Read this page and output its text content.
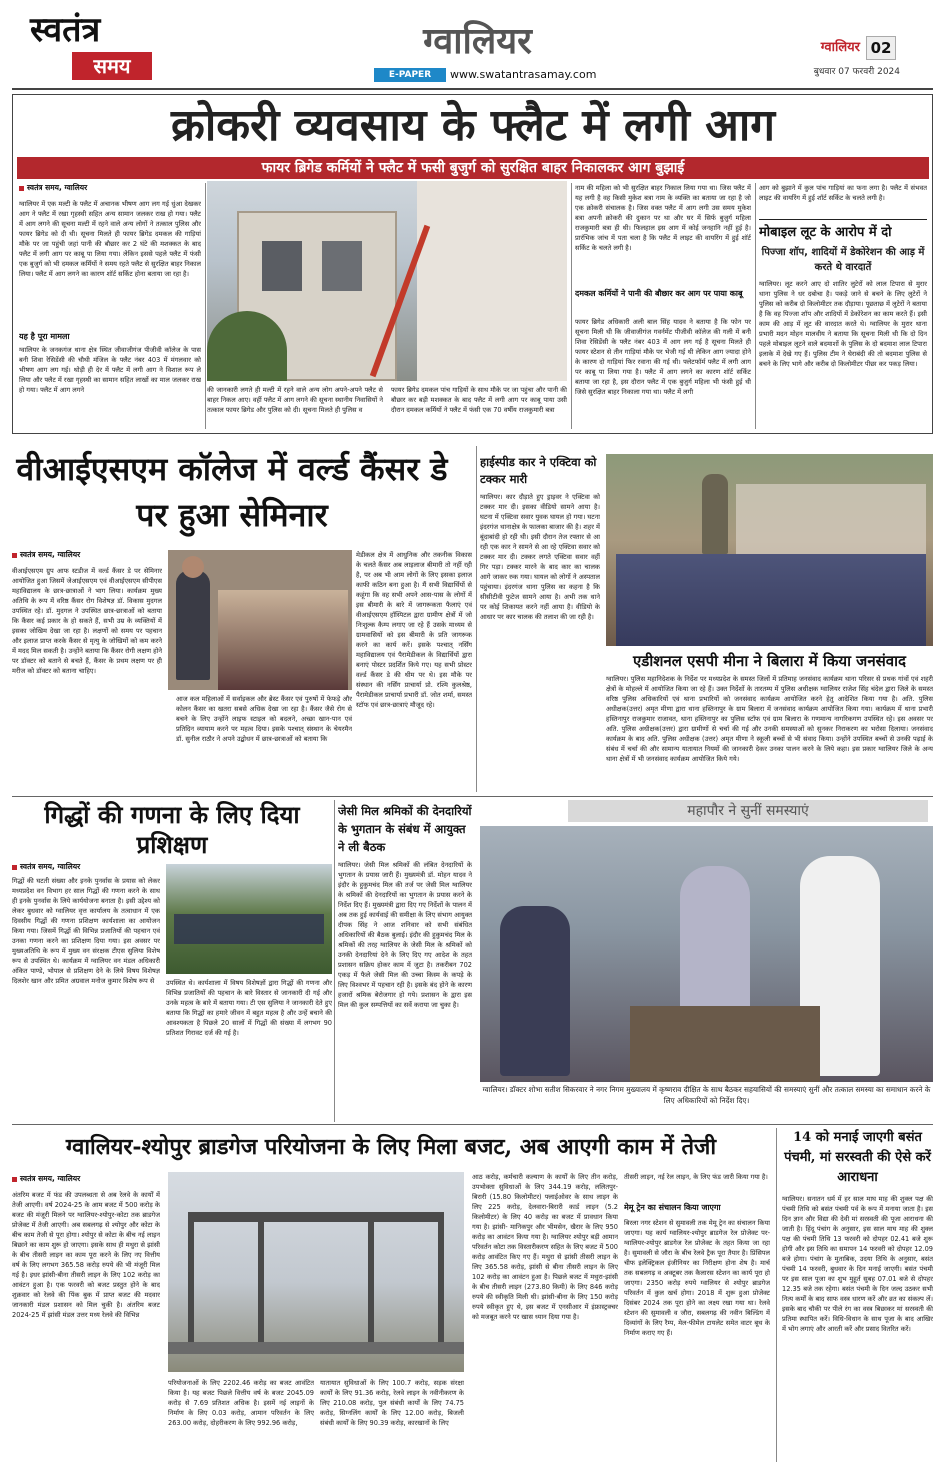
स्वतंत्र
समय
ग्वालियर
E-PAPER	www.swatantrasamay.com
ग्वालियर 02
बुधवार 07 फरवरी 2024
क्रोकरी व्यवसाय के फ्लैट में लगी आग
फायर ब्रिगेड कर्मियों ने फ्लैट में फसी बुजुर्ग को सुरक्षित बाहर निकालकर आग बुझाई
स्वतंत्र समय, ग्वालियर
ग्वालियर में एक मल्टी के फ्लैट में अचानक भीषण आग लग गई धुंआ देखकर आग ने फ्लैट में रखा गृहस्थी सहित अन्य सामान जलकर राख हो गया। फ्लैट में आग लगने की सूचना मल्टी में रहने वाले अन्य लोगों ने तत्काल पुलिस और फायर ब्रिगेड को दी थी। सूचना मिलते ही फायर ब्रिगेड दमकल की गाड़ियां मौके पर जा पहुंची जहां पानी की बौछार कर 2 घंटे की मशक्कत के बाद फ्लैट में लगी आग पर काबू पा लिया गया। लेकिन इससे पहले फ्लैट में फंसी एक बुजुर्ग को भी दमकल कर्मियों ने समय रहते फ्लैट से सुरक्षित बाहर निकाल लिया। फ्लैट में आग लगने का कारण शॉर्ट सर्किट होना बताया जा रहा है।
यह है पूरा मामला
ग्वालियर के जनकगंज थाना क्षेत्र स्थित जीवाजीगंज पीजीवी कॉलेज के पास बनी शिवा रेसिडेंसी की चौथी मंजिल के फ्लैट नंबर 403 में मंगलवार को भीषण आग लग गई। थोड़ी ही देर में फ्लैट में लगी आग ने विशाल रूप ले लिया और फ्लैट में रखा गृहस्थी का सामान सहित लाखों का माल जलकर राख हो गया। फ्लैट में आग लगने	की जानकारी लगते ही मल्टी में रहने वाले अन्य लोग अपने-अपने फ्लैट से बाहर निकल आए। वहीं फ्लैट में आग लगने की सूचना स्थानीय निवासियों ने तत्काल फायर ब्रिगेड और पुलिस को दी। सूचना मिलते ही पुलिस व
फायर ब्रिगेड दमकल पांच गाड़ियों के साथ मौके पर जा पहुंचा और पानी की बौछार कर बड़ी मशक्कत के बाद फ्लैट में लगी आग पर काबू पाया उसी दौरान दमकल कर्मियों ने फ्लैट में फंसी एक 70 वर्षीय राजकुमारी बत्रा
नाम की महिला को भी सुरक्षित बाहर निकाल लिया गया था। जिस फ्लैट में यह लगी है वह किसी मुकेश बत्रा नाम के व्यक्ति का बताया जा रहा है जो एक क्रोकरी संचालक है। जिस वक्त फ्लैट में आग लगी उस समय मुकेश बत्रा अपनी क्रोकरी की दुकान पर था और घर में सिर्फ बुजुर्ग महिला राजकुमारी बत्रा ही थी। फिलहाल इस आग में कोई जनहानि नहीं हुई है। प्रारंभिक जांच में पता चला है कि फ्लैट में लाइट की वायरिंग में हुई शॉर्ट सर्किट के चलते लगी है।
दमकल कर्मियों ने पानी की बौछार कर आग पर पाया काबू
फायर ब्रिगेड अधिकारी अली बाल सिंह यादव ने बताया है कि फोन पर सूचना मिली थी कि जीवाजीगंज गवर्नमेंट पीजीवी कॉलेज की गली में बनी शिवा रेसिडेंसी के फ्लैट नंबर 403 में आग लग गई है सूचना मिलते ही फायर स्टेशन से तीन गाड़ियां मौके पर भेजी गई थी लेकिन आग ज्यादा होने के कारण दो गाड़ियां फिर रवाना की गई थी। फ्लेटफॉर्म फ्लैट में लगी आग पर काबू पा लिया गया है। फ्लैट में आग लगने का कारण शॉर्ट सर्किट बताया जा रहा है, इस दौरान फ्लैट में एक बुजुर्ग महिला भी फंसी हुई थी जिसे सुरक्षित बाहर निकाला गया था। फ्लैट में लगी
आग को बुझाने में कुल पांच गाड़ियां का फना लगा है। फ्लैट में संभवत लाइट की वायरिंग में हुई शॉर्ट सर्किट के चलते लगी है।
मोबाइल लूट के आरोप में दो
पिज्जा शॉप, शादियों में डेकोरेशन की आड़ में करते थे वारदातें
ग्वालियर। लूट करने आए दो शातिर लुटेरों को लाल टिपारा से मुरार थाना पुलिस ने धर दबोचा है। पकड़े जाने से बचने के लिए लुटेरों ने पुलिस को करीब दो किलोमीटर तक दौड़ाया। पूछताछ में लुटेरों ने बताया है कि वह पिज्जा शॉप और शादियों में डेकोरेशन का काम करते हैं। इसी काम की आड़ में लूट की वारदात करते थे। ग्वालियर के मुरार थाना प्रभारी मदन मोहन मालवीय ने बताया कि सूचना मिली थी कि दो दिन पहले मोबाइल लूटने वाले बदमाशों के पुलिस के दो बदमाश लाल टिपारा इलाके में देखे गए हैं। पुलिस टीम ने घेराबंदी की तो बदमाश पुलिस से बचने के लिए भागे और करीब दो किलोमीटर पीछा कर पकड़ लिया।
वीआईएसएम कॉलेज में वर्ल्ड कैंसर डे पर हुआ सेमिनार
स्वतंत्र समय, ग्वालियर
वीआईएसएम ग्रुप आफ स्टडीज में वर्ल्ड कैंसर डे पर सेमिनार आयोजित हुआ जिसमें जेआईएसएम एवं वीआईएसएम सीपीएस महाविद्यालय के छात्र-छात्राओं ने भाग लिया। कार्यक्रम मुख्य अतिथि के रूप में वरिष्ठ कैंसर रोग विशेषज्ञ डॉ. विकास मुदगल उपस्थित रहे। डॉ. मुदगल ने उपस्थित छात्र-छात्राओं को बताया कि कैंसर कई प्रकार के हो सकते हैं, सभी उम्र के व्यक्तियों में इसका जोखिम देखा जा रहा है। लक्षणों को समय पर पहचान और इलाज प्राप्त करके कैंसर से मृत्यु के जोखिमों को कम करने में मदद मिल सकती है। उन्होंने बताया कि कैंसर रोगी लक्षण होने पर डॉक्टर को बताने से बचते हैं, कैंसर के प्रथम लक्षण पर ही मरीज को डॉक्टर को बताना चाहिए।
आज कल महिलाओं में सर्वाइकल और ब्रेस्ट कैंसर एवं पुरुषों में फेफड़े और कोलन कैंसर का खतरा सबसे अधिक देखा जा रहा है। कैंसर जैसे रोग से बचने के लिए उन्होंने लाइफ स्टाइल को बदलने, अच्छा खान-पान एवं प्रतिदिन व्यायाम करने पर महत्व दिया। इसके पश्चात् संस्थान के चेयरमैन डॉ. सुनील राठौर ने अपने उद्बोधन में छात्र-छात्राओं को बताया कि
मेडीकल क्षेत्र में आधुनिक और तकनीक विकास के चलते कैंसर अब लाइलाज बीमारी तो नहीं रही है, पर अब भी आम लोगों के लिए इसका इलाज काफी कठिन बना हुआ है। मैं सभी विद्यार्थियों से कहूंगा कि वह सभी अपने आस-पास के लोगों में इस बीमारी के बारे में जागरूकता फैलाएं एवं वीआईएसएम हॉस्पिटल द्वारा ग्रामीण क्षेत्रों में जो निःशुल्क कैम्प लगाए जा रहे हैं उसके माध्यम से ग्रामवासियों को इस बीमारी के प्रति जागरूक करने का कार्य करें। इसके पश्चात् नर्सिंग महाविद्यालय एवं पैरामेडीकल के विद्यार्थियों द्वारा बनाएं पोस्टर प्रदर्शित किये गए। यह सभी प्रोस्टर वर्ल्ड कैंसर डे की थीम पर थे। इस मौके पर संस्थान की नर्सिंग प्राचार्या प्रो. रश्मि कुलश्रेष्ठ, पैरामेडीकल प्राचार्या प्रभारी डॉ. जोत शर्मा, समस्त स्टॉफ एवं छात्र-छात्राएं मौजूद रहे।
हाईस्पीड कार ने एक्टिवा को टक्कर मारी
ग्वालियर। कार दौड़ाते हुए ड्राइवर ने एक्टिवा को टक्कर मार दी। इसका वीडियो सामने आया है। घटना में एक्टिवा सवार युवक घायल हो गया। घटना इंदरगंज थानाक्षेत्र के फालका बाजार की है। शहर में बूंदाबांदी हो रही थी। इसी दौरान तेज रफ्तार से आ रही एक कार ने सामने से आ रहे एक्टिवा सवार को टक्कर मार दी। टक्कर लगते एक्टिवा सवार वहीं गिर पड़ा। टक्कर मारने के बाद कार का चालक आगे जाकर रुक गया। घायल को लोगों ने अस्पताल पहुंचाया। इंदरगंज थाना पुलिस का कहना है कि सीसीटीवी फुटेज सामने आया है। अभी तक थाने पर कोई शिकायत करने नहीं आया है। वीडियो के आधार पर कार चालक की तलाश की जा रही है।
एडीशनल एसपी मीना ने बिलारा में किया जनसंवाद
ग्वालियर। पुलिस महानिदेशक के निर्देश पर मध्यप्रदेश के समस्त जिलों में प्रतिमाह जनसंवाद कार्यक्रम थाना परिसर से प्रथक गांवों एवं शहरी क्षेत्रों के मोहल्ले में आयोजित किया जा रहे हैं। उक्त निर्देशों के तारतम्य में पुलिस अधीक्षक ग्वालियर राजेश सिंह चंदेल द्वारा जिले के समस्त वरिष्ठ पुलिस अधिकारियों एवं थाना प्रभारियों को जनसंवाद कार्यक्रम आयोजित करने हेतु आदेशित किया गया है। अति. पुलिस अधीक्षक(उत्तर) अमृत मीणा द्वारा थाना हस्तिनापुर के ग्राम बिलारा में जनसंवाद कार्यक्रम आयोजित किया गया। कार्यक्रम में थाना प्रभारी हस्तिनापुर राजकुमार राजावत, थाना हस्तिनापुर का पुलिस स्टॉफ एवं ग्राम बिलारा के गणमान्य नागरिकगण उपस्थित रहे। इस अवसर पर अति. पुलिस अधीक्षक(उत्तर) द्वारा ग्रामीणों से चर्चा की गई और उनकी समस्याओं को सुनकर निराकरण का भरोसा दिलाया। जनसंवाद कार्यक्रम के बाद अति. पुलिस अधीक्षक (उत्तर) अमृत मीणा ने स्कूली बच्चों से भी संवाद किया। उन्होंने उपस्थित बच्चों से उनकी पढ़ाई के संबंध में चर्चा की और सामान्य यातायात नियमों की जानकारी देकर उनका पालन करने के लिये कहा। इस प्रकार ग्वालियर जिले के अन्य थाना क्षेत्रों में भी जनसंवाद कार्यक्रम आयोजित किये गये।
गिद्धों की गणना के लिए दिया प्रशिक्षण
स्वतंत्र समय, ग्वालियर
गिद्धों की घटती संख्या और इनके पुनर्वास के प्रयास को लेकर मध्यप्रदेश वन विभाग हर साल गिद्धों की गणना करने के साथ ही इनके पुनर्वास के लिये कार्ययोजना बनाता है। इसी उद्देश्य को लेकर बुधवार को ग्वालियर वृत्त कार्यालय के तत्वाधान में एक दिवसीय गिद्धों की गणना प्रशिक्षण कार्यशाला का आयोजन किया गया। जिसमें गिद्धों की विभिन्न प्रजातियों की पहचान एवं उनका गणना करने का प्रशिक्षण दिया गया। इस अवसर पर मुख्यअतिथि के रूप में मुख्य वन संरक्षक टीएस सुलिया विशेष रूप से उपस्थित थे। कार्यक्रम में ग्वालियर वन मंडल अधिकारी अंकित पाण्डे, भोपाल से प्रशिक्षण देने के लिये विषय विशेषज्ञ दिलशेर खान और प्रमित अग्रवाल मनोज कुमार विशेष रूप से	उपस्थित थे। कार्यशाला में विषय विशेषज्ञों द्वारा गिद्धों की गणना और विभिन्न प्रजातियों की पहचान के बारे विस्तार से जानकारी दी गई और उनके महत्व के बारे में बताया गया। टी एस सुलिया ने जानकारी देते हुए बताया कि गिद्धों का हमारे जीवन में बहुत महत्व है और उन्हें बचाने की आवश्यकता है पिछले 20 सालों में गिद्धों की संख्या में लगभग 90 प्रतिशत गिरावट दर्ज की गई है।
जेसी मिल श्रमिकों की देनदारियों के भुगतान के संबंध में आयुक्त ने ली बैठक
ग्वालियर। जेसी मिल श्रमिकों की लंबित देनदारियों के भुगतान के प्रयास जारी हैं। मुख्यमंत्री डॉ. मोहन यादव ने इंदौर के हुकुमचंद मिल की तर्ज पर जेसी मिल ग्वालियर के श्रमिकों की देनदारियों का भुगतान के प्रयास करने के निर्देश दिए हैं। मुख्यमंत्री द्वारा दिए गए निर्देशों के पालन में अब तक हुई कार्यवाई की समीक्षा के लिए संभाग आयुक्त दीपक सिंह ने आज शनिवार को सभी संबंधित अधिकारियों की बैठक बुलाई। इंदौर की हुकुमचंद मिल के श्रमिकों की तरह ग्वालियर के जेसी मिल के श्रमिकों को उनकी देनदारियां देने के लिए दिए गए आदेश के तहत प्रशासन सक्रिय होकर काम में जुटा है। तकरीबन 702 एकड़ में फैले जेसी मिल की उच्चा किस्म के कपड़े के लिए विश्वभर में पहचान रही है। इसके बंद होने के कारण हजारों श्रमिक बेरोजगार हो गये। प्रशासन के द्वारा इस मिल की कुल सम्पत्तियों का सर्वे कराया जा चुका है।
महापौर ने सुनीं समस्याएं
ग्वालियर। डॉक्टर शोभा सतीश सिकरवार ने नगर निगम मुख्यालय में कृष्णराव दीक्षित के साथ बैठकर सहयासियों की समस्याएं सुनीं और तत्काल समस्या का समाधान करने के लिए अधिकारियों को निर्देश दिए।
ग्वालियर-श्योपुर ब्राडगेज परियोजना के लिए मिला बजट, अब आएगी काम में तेजी
स्वतंत्र समय, ग्वालियर
अंतरिम बजट में फंड की उपलब्धता से अब रेलवे के कार्यों में तेजी आएगी। वर्ष 2024-25 के आम बजट में 500 करोड़ के बजट की मंजूरी मिलने पर ग्वालियर-श्योपुर-कोटा तक ब्राडगेज प्रोजेक्ट में तेजी आएगी। अब सबलगढ़ से श्योपुर और कोटा के बीच काम तेजी से पूरा होगा। श्योपुर से कोटा के बीच नई लाइन बिछाने का काम शुरू हो जाएगा। इसके साथ ही मथुरा से झांसी के बीच तीसरी लाइन का काम पूरा करने के लिए नए वित्तीय वर्ष के लिए लगभग 365.58 करोड़ रुपये की भी मंजूरी मिल गई है। इधर झांसी-बीना तीसरी लाइन के लिए 102 करोड़ का आवंटन हुआ है। एक फरवरी को बजट प्रस्तुत होने के बाद शुक्रवार को रेलवे की पिंक बुक में प्राप्त बजट की मदवार जानकारी मंडल प्रशासन को मिल चुकी है। अंतरिम बजट 2024-25 में झांसी मंडल उत्तर मध्य रेलवे की विभिन्न
परियोजनाओं के लिए 2202.46 करोड़ का बजट आवंटित किया है। यह बजट पिछले वित्तीय वर्ष के बजट 2045.09 करोड़ से 7.69 प्रतिशत अधिक है। इसमें नई लाइनों के निर्माण के लिए 0.03 करोड़, आमान परिवर्तन के लिए 263.00 करोड़, दोहरीकरण के लिए 992.96 करोड़,
यातायात सुविधाओं के लिए 100.7 करोड़, सड़क संरक्षा कार्यों के लिए 91.36 करोड़, रेलवे लाइन के नवीनीकरण के लिए 210.08 करोड़, पुल संबंधी कार्यों के लिए 74.75 करोड़, सिग्नलिंग कार्यों के लिए 12.00 करोड़, बिजली संबंधी कार्यों के लिए 90.39 करोड़, कारखानों के लिए
आठ करोड़, कर्मचारी कल्याण के कार्यों के लिए तीन करोड़, उपभोक्ता सुविधाओं के लिए 344.19 करोड़, ललितपुर- बिरारी (15.80 किलोमीटर) फ्लाईओवर के साथ लाइन के लिए 225 करोड़, देलवारा-बिरारी कार्ड लाइन (5.2 किलोमीटर) के लिए 40 करोड़ का बजट में प्रावधान किया गया है। झांसी- मानिकपुर और भीमसेन, खैरार के लिए 950 करोड़ का आवंटन किया गया है। ग्वालियर श्योपुर बड़ी आमान परिवर्तन कोटा तक विस्तारीकरण सहित के लिए बजट में 500 करोड़ आवंटित किए गए हैं। मथुरा से झांसी तीसरी लाइन के लिए 365.58 करोड़, झांसी से बीना तीसरी लाइन के लिए 102 करोड़ का आवंटन हुआ है। पिछले बजट में मथुरा-झांसी के बीच तीसरी लाइन (273.80 किमी) के लिए 846 करोड़ रुपये की स्वीकृति मिली थी। झांसी-बीना के लिए 150 करोड़ रुपये स्वीकृत हुए थे, इस बजट में एनसीआर में इंफ्रास्ट्रक्चर को मजबूत करने पर खास ध्यान दिया गया है।
तीसरी लाइन, नई रेल लाइन, के लिए फंड जारी किया गया है।
मेमू ट्रेन का संचालन किया जाएगा
बिरला नगर स्टेशन से सुमावली तक मेमू ट्रेन का संचालन किया जाएगा। यह कार्य ग्वालियर-श्योपुर ब्राडगेज रेल प्रोजेक्ट पर-ग्वालियर-श्योपुर ब्राडगेज रेल प्रोजेक्ट के तहत किया जा रहा है। सुमावली से जौरा के बीच रेलवे ट्रैक पूरा तैयार है। प्रिंसिपल चीफ इलेक्ट्रिकल इंजीनियर का निरीक्षण होना शेष है। मार्च तक सबलगढ़ व अक्टूबर तक कैलारस स्टेशन का कार्य पूरा हो जाएगा। 2350 करोड़ रुपये ग्वालियर से श्योपुर ब्राडगेज परिवर्तन में कुल खर्च होगा। 2018 में शुरू हुआ प्रोजेक्ट दिसंबर 2024 तक पूरा होने का लक्ष्य रखा गया था। रेलवे स्टेशन की सुमावली व जौरा, सबलगढ़ की नवीन बिल्डिंग में दिव्यांगों के लिए रैम्प, मेल-फीमेल टायलेट समेत वाटर बूथ के निर्माण कराए गए हैं।
14 को मनाई जाएगी बसंत पंचमी, मां सरस्वती की ऐसे करें आराधना
ग्वालियर। सनातन धर्म में हर साल माघ माह की शुक्ल पक्ष की पंचमी तिथि को बसंत पंचमी पर्व के रूप में मनाया जाता है। इस दिन ज्ञान और विद्या की देवी मां सरस्वती की पूजा आराधना की जाती है। हिंदू पंचांग के अनुसार, इस साल माघ माह की शुक्ल पक्ष की पंचमी तिथि 13 फरवरी को दोपहर 02.41 बजे शुरू होगी और इस तिथि का समापन 14 फरवरी को दोपहर 12.09 बजे होगा। पंचांग के मुताबिक, उदया तिथि के अनुसार, बसंत पंचमी 14 फरवरी, बुधवार के दिन मनाई जाएगी। बसंत पंचमी पर इस साल पूजा का शुभ मुहूर्त सुबह 07.01 बजे से दोपहर 12.35 बजे तक रहेगा। बसंत पंचमी के दिन जल्द उठकर सभी नित्य कर्मों के बाद साफ वस्त्र धारण करें और व्रत का संकल्प लें। इसके बाद चौकी पर पीले रंग का वस्त्र बिछाकर मां सरस्वती की प्रतिमा स्थापित करें। विधि-विधान के साथ पूजा के बाद आखिर में भोग लगाएं और आरती करें और प्रसाद वितरित करें।
